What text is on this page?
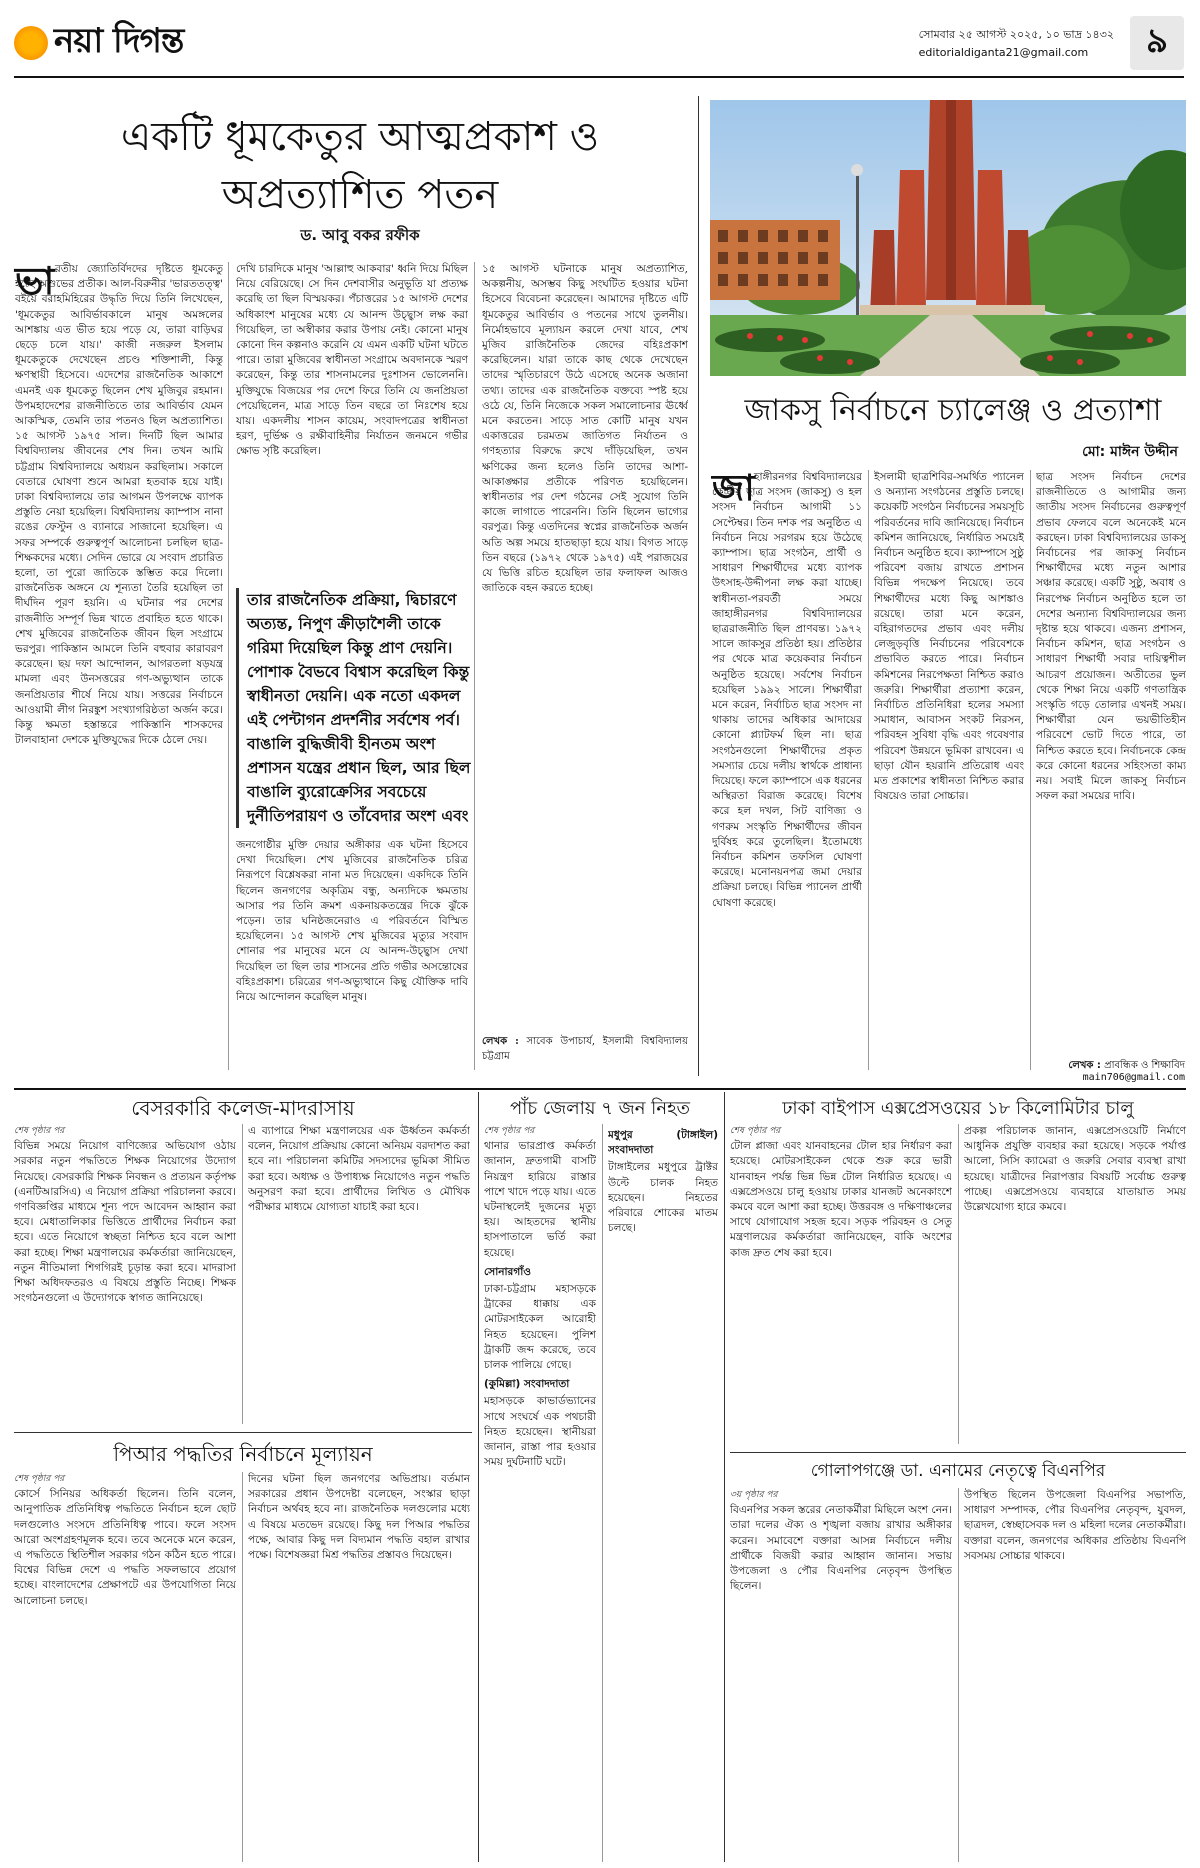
নয়া দিগন্ত	সোমবার ২৫ আগস্ট ২০২৫, ১০ ভাদ্র ১৪৩২
editorialdiganta21@gmail.com	৯
একটি ধূমকেতুর আত্মপ্রকাশ ও
অপ্রত্যাশিত পতন
ড. আবু বকর রফীক
ভা রতীয় জ্যোতির্বিদদের দৃষ্টিতে ধূমকেতু হচ্ছে অশুভের প্রতীক। আল-বিরুনীর 'ভারততত্ত্ব' বইয়ে বরাহমিহিরের উদ্ধৃতি দিয়ে তিনি লিখেছেন, 'ধূমকেতুর আবির্ভাবকালে মানুষ অমঙ্গলের আশঙ্কায় এত ভীত হয়ে পড়ে যে, তারা বাড়িঘর ছেড়ে চলে যায়।' কাজী নজরুল ইসলাম ধূমকেতুকে দেখেছেন প্রচণ্ড শক্তিশালী, কিন্তু ক্ষণস্থায়ী হিসেবে। এদেশের রাজনৈতিক আকাশে এমনই এক ধূমকেতু ছিলেন শেখ মুজিবুর রহমান। উপমহাদেশের রাজনীতিতে তার আবির্ভাব যেমন আকস্মিক, তেমনি তার পতনও ছিল অপ্রত্যাশিত। ১৫ আগস্ট ১৯৭৫ সাল। দিনটি ছিল আমার বিশ্ববিদ্যালয় জীবনের শেষ দিন। তখন আমি চট্টগ্রাম বিশ্ববিদ্যালয়ে অধ্যয়ন করছিলাম। সকালে বেতারে ঘোষণা শুনে আমরা হতবাক হয়ে যাই। ঢাকা বিশ্ববিদ্যালয়ে তার আগমন উপলক্ষে ব্যাপক প্রস্তুতি নেয়া হয়েছিল। বিশ্ববিদ্যালয় ক্যাম্পাস নানা রঙের ফেস্টুন ও ব্যানারে সাজানো হয়েছিল। এ সফর সম্পর্কে গুরুত্বপূর্ণ আলোচনা চলছিল ছাত্র-শিক্ষকদের মধ্যে। সেদিন ভোরে যে সংবাদ প্রচারিত হলো, তা পুরো জাতিকে স্তম্ভিত করে দিলো। রাজনৈতিক অঙ্গনে যে শূন্যতা তৈরি হয়েছিল তা দীর্ঘদিন পূরণ হয়নি। এ ঘটনার পর দেশের রাজনীতি সম্পূর্ণ ভিন্ন খাতে প্রবাহিত হতে থাকে। শেখ মুজিবের রাজনৈতিক জীবন ছিল সংগ্রামে ভরপুর। পাকিস্তান আমলে তিনি বহুবার কারাবরণ করেছেন। ছয় দফা আন্দোলন, আগরতলা ষড়যন্ত্র মামলা এবং উনসত্তরের গণ-অভ্যুত্থান তাকে জনপ্রিয়তার শীর্ষে নিয়ে যায়। সত্তরের নির্বাচনে আওয়ামী লীগ নিরঙ্কুশ সংখ্যাগরিষ্ঠতা অর্জন করে। কিন্তু ক্ষমতা হস্তান্তরে পাকিস্তানি শাসকদের টালবাহানা দেশকে মুক্তিযুদ্ধের দিকে ঠেলে দেয়।
দেখি চারদিকে মানুষ 'আল্লাহু আকবার' ধ্বনি দিয়ে মিছিল নিয়ে বেরিয়েছে। সে দিন দেশবাসীর অনুভূতি যা প্রত্যক্ষ করেছি তা ছিল বিস্ময়কর। পঁচাত্তরের ১৫ আগস্ট দেশের অধিকাংশ মানুষের মধ্যে যে আনন্দ উচ্ছ্বাস লক্ষ করা গিয়েছিল, তা অস্বীকার করার উপায় নেই। কোনো মানুষ কোনো দিন কল্পনাও করেনি যে এমন একটি ঘটনা ঘটতে পারে। তারা মুজিবের স্বাধীনতা সংগ্রামে অবদানকে স্মরণ করেছেন, কিন্তু তার শাসনামলের দুঃশাসন ভোলেননি। মুক্তিযুদ্ধে বিজয়ের পর দেশে ফিরে তিনি যে জনপ্রিয়তা পেয়েছিলেন, মাত্র সাড়ে তিন বছরে তা নিঃশেষ হয়ে যায়। একদলীয় শাসন কায়েম, সংবাদপত্রের স্বাধীনতা হরণ, দুর্ভিক্ষ ও রক্ষীবাহিনীর নির্যাতন জনমনে গভীর ক্ষোভ সৃষ্টি করেছিল।
তার রাজনৈতিক প্রক্রিয়া, দ্বিচারণে অত্যন্ত, নিপুণ ক্রীড়াশৈলী তাকে গরিমা দিয়েছিল কিন্তু প্রাণ দেয়নি। পোশাক বৈভবে বিশ্বাস করেছিল কিন্তু স্বাধীনতা দেয়নি। এক নতো একদল এই পেন্টাগন প্রদর্শনীর সর্বশেষ পর্ব। বাঙালি বুদ্ধিজীবী হীনতম অংশ প্রশাসন যন্ত্রের প্রধান ছিল, আর ছিল বাঙালি ব্যুরোক্রেসির সবচেয়ে দুর্নীতিপরায়ণ ও তাঁবেদার অংশ এবং
জনগোষ্ঠীর মুক্তি দেয়ার অঙ্গীকার এক ঘটনা হিসেবে দেখা দিয়েছিল। শেখ মুজিবের রাজনৈতিক চরিত্র নিরূপণে বিশ্লেষকরা নানা মত দিয়েছেন। একদিকে তিনি ছিলেন জনগণের অকৃত্রিম বন্ধু, অন্যদিকে ক্ষমতায় আসার পর তিনি ক্রমশ একনায়কতন্ত্রের দিকে ঝুঁকে পড়েন। তার ঘনিষ্ঠজনেরাও এ পরিবর্তনে বিস্মিত হয়েছিলেন। ১৫ আগস্ট শেখ মুজিবের মৃত্যুর সংবাদ শোনার পর মানুষের মনে যে আনন্দ-উচ্ছ্বাস দেখা দিয়েছিল তা ছিল তার শাসনের প্রতি গভীর অসন্তোষের বহিঃপ্রকাশ। চরিত্রের গণ-অভ্যুত্থানে কিছু যৌক্তিক দাবি নিয়ে আন্দোলন করেছিল মানুষ।
১৫ আগস্ট ঘটনাকে মানুষ অপ্রত্যাশিত, অকল্পনীয়, অসম্ভব কিছু সংঘটিত হওয়ার ঘটনা হিসেবে বিবেচনা করেছেন। আমাদের দৃষ্টিতে এটি ধূমকেতুর আবির্ভাব ও পতনের সাথে তুলনীয়। নির্মোহভাবে মূল্যায়ন করলে দেখা যাবে, শেখ মুজিব রাজিনৈতিক জেদের বহিঃপ্রকাশ করেছিলেন। যারা তাকে কাছ থেকে দেখেছেন তাদের স্মৃতিচারণে উঠে এসেছে অনেক অজানা তথ্য। তাদের এক রাজনৈতিক বক্তব্যে স্পষ্ট হয়ে ওঠে যে, তিনি নিজেকে সকল সমালোচনার ঊর্ধ্বে মনে করতেন। সাড়ে সাত কোটি মানুষ যখন একাত্তরের চরমতম জাতিগত নির্যাতন ও গণহত্যার বিরুদ্ধে রুখে দাঁড়িয়েছিল, তখন ক্ষণিকের জন্য হলেও তিনি তাদের আশা-আকাঙ্ক্ষার প্রতীকে পরিণত হয়েছিলেন। স্বাধীনতার পর দেশ গঠনের সেই সুযোগ তিনি কাজে লাগাতে পারেননি। তিনি ছিলেন ভাগ্যের বরপুত্র। কিন্তু এতদিনের স্বপ্নের রাজনৈতিক অর্জন অতি অল্প সময়ে হাতছাড়া হয়ে যায়। বিগত সাড়ে তিন বছরে (১৯৭২ থেকে ১৯৭৫) এই পরাজয়ের যে ভিত্তি রচিত হয়েছিল তার ফলাফল আজও জাতিকে বহন করতে হচ্ছে।
লেখক : সাবেক উপাচার্য, ইসলামী বিশ্ববিদ্যালয় চট্টগ্রাম
জাকসু নির্বাচনে চ্যালেঞ্জ ও প্রত্যাশা
মো: মাঈন উদ্দীন
জা হাঙ্গীরনগর বিশ্ববিদ্যালয়ের কেন্দ্রীয় ছাত্র সংসদ (জাকসু) ও হল সংসদ নির্বাচন আগামী ১১ সেপ্টেম্বর। তিন দশক পর অনুষ্ঠিত এ নির্বাচন নিয়ে সরগরম হয়ে উঠেছে ক্যাম্পাস। ছাত্র সংগঠন, প্রার্থী ও সাধারণ শিক্ষার্থীদের মধ্যে ব্যাপক উৎসাহ-উদ্দীপনা লক্ষ করা যাচ্ছে। স্বাধীনতা-পরবর্তী সময়ে জাহাঙ্গীরনগর বিশ্ববিদ্যালয়ের ছাত্ররাজনীতি ছিল প্রাণবন্ত। ১৯৭২ সালে জাকসুর প্রতিষ্ঠা হয়। প্রতিষ্ঠার পর থেকে মাত্র কয়েকবার নির্বাচন অনুষ্ঠিত হয়েছে। সর্বশেষ নির্বাচন হয়েছিল ১৯৯২ সালে। শিক্ষার্থীরা মনে করেন, নির্বাচিত ছাত্র সংসদ না থাকায় তাদের অধিকার আদায়ের কোনো প্ল্যাটফর্ম ছিল না। ছাত্র সংগঠনগুলো শিক্ষার্থীদের প্রকৃত সমস্যার চেয়ে দলীয় স্বার্থকে প্রাধান্য দিয়েছে। ফলে ক্যাম্পাসে এক ধরনের অস্থিরতা বিরাজ করেছে। বিশেষ করে হল দখল, সিট বাণিজ্য ও গণরুম সংস্কৃতি শিক্ষার্থীদের জীবন দুর্বিষহ করে তুলেছিল। ইতোমধ্যে নির্বাচন কমিশন তফসিল ঘোষণা করেছে। মনোনয়নপত্র জমা দেয়ার প্রক্রিয়া চলছে। বিভিন্ন প্যানেল প্রার্থী ঘোষণা করেছে।
ইসলামী ছাত্রশিবির-সমর্থিত প্যানেল ও অন্যান্য সংগঠনের প্রস্তুতি চলছে। কয়েকটি সংগঠন নির্বাচনের সময়সূচি পরিবর্তনের দাবি জানিয়েছে। নির্বাচন কমিশন জানিয়েছে, নির্ধারিত সময়েই নির্বাচন অনুষ্ঠিত হবে। ক্যাম্পাসে সুষ্ঠু পরিবেশ বজায় রাখতে প্রশাসন বিভিন্ন পদক্ষেপ নিয়েছে। তবে শিক্ষার্থীদের মধ্যে কিছু আশঙ্কাও রয়েছে। তারা মনে করেন, বহিরাগতদের প্রভাব এবং দলীয় লেজুড়বৃত্তি নির্বাচনের পরিবেশকে প্রভাবিত করতে পারে। নির্বাচন কমিশনের নিরপেক্ষতা নিশ্চিত করাও জরুরি। শিক্ষার্থীরা প্রত্যাশা করেন, নির্বাচিত প্রতিনিধিরা হলের সমস্যা সমাধান, আবাসন সংকট নিরসন, পরিবহন সুবিধা বৃদ্ধি এবং গবেষণার পরিবেশ উন্নয়নে ভূমিকা রাখবেন। এ ছাড়া যৌন হয়রানি প্রতিরোধ এবং মত প্রকাশের স্বাধীনতা নিশ্চিত করার বিষয়েও তারা সোচ্চার।
ছাত্র সংসদ নির্বাচন দেশের রাজনীতিতে ও আগামীর জন্য জাতীয় সংসদ নির্বাচনের গুরুত্বপূর্ণ প্রভাব ফেলবে বলে অনেকেই মনে করছেন। ঢাকা বিশ্ববিদ্যালয়ের ডাকসু নির্বাচনের পর জাকসু নির্বাচন শিক্ষার্থীদের মধ্যে নতুন আশার সঞ্চার করেছে। একটি সুষ্ঠু, অবাধ ও নিরপেক্ষ নির্বাচন অনুষ্ঠিত হলে তা দেশের অন্যান্য বিশ্ববিদ্যালয়ের জন্য দৃষ্টান্ত হয়ে থাকবে। এজন্য প্রশাসন, নির্বাচন কমিশন, ছাত্র সংগঠন ও সাধারণ শিক্ষার্থী সবার দায়িত্বশীল আচরণ প্রয়োজন। অতীতের ভুল থেকে শিক্ষা নিয়ে একটি গণতান্ত্রিক সংস্কৃতি গড়ে তোলার এখনই সময়। শিক্ষার্থীরা যেন ভয়ভীতিহীন পরিবেশে ভোট দিতে পারে, তা নিশ্চিত করতে হবে। নির্বাচনকে কেন্দ্র করে কোনো ধরনের সহিংসতা কাম্য নয়। সবাই মিলে জাকসু নির্বাচন সফল করা সময়ের দাবি।
লেখক : প্রাবন্ধিক ও শিক্ষাবিদ
main706@gmail.com
বেসরকারি কলেজ-মাদরাসায়
শেষ পৃষ্ঠার পর
বিভিন্ন সময়ে নিয়োগ বাণিজ্যের অভিযোগ ওঠায় সরকার নতুন পদ্ধতিতে শিক্ষক নিয়োগের উদ্যোগ নিয়েছে। বেসরকারি শিক্ষক নিবন্ধন ও প্রত্যয়ন কর্তৃপক্ষ (এনটিআরসিএ) এ নিয়োগ প্রক্রিয়া পরিচালনা করবে। গণবিজ্ঞপ্তির মাধ্যমে শূন্য পদে আবেদন আহ্বান করা হবে। মেধাতালিকার ভিত্তিতে প্রার্থীদের নির্বাচন করা হবে। এতে নিয়োগে স্বচ্ছতা নিশ্চিত হবে বলে আশা করা হচ্ছে। শিক্ষা মন্ত্রণালয়ের কর্মকর্তারা জানিয়েছেন, নতুন নীতিমালা শিগগিরই চূড়ান্ত করা হবে। মাদরাসা শিক্ষা অধিদফতরও এ বিষয়ে প্রস্তুতি নিচ্ছে। শিক্ষক সংগঠনগুলো এ উদ্যোগকে স্বাগত জানিয়েছে।
এ ব্যাপারে শিক্ষা মন্ত্রণালয়ের এক ঊর্ধ্বতন কর্মকর্তা বলেন, নিয়োগ প্রক্রিয়ায় কোনো অনিয়ম বরদাশত করা হবে না। পরিচালনা কমিটির সদস্যদের ভূমিকা সীমিত করা হবে। অধ্যক্ষ ও উপাধ্যক্ষ নিয়োগেও নতুন পদ্ধতি অনুসরণ করা হবে। প্রার্থীদের লিখিত ও মৌখিক পরীক্ষার মাধ্যমে যোগ্যতা যাচাই করা হবে।
পিআর পদ্ধতির নির্বাচনে মূল্যায়ন
শেষ পৃষ্ঠার পর
কোর্সে সিনিয়র অধিকর্তা ছিলেন। তিনি বলেন, আনুপাতিক প্রতিনিধিত্ব পদ্ধতিতে নির্বাচন হলে ছোট দলগুলোও সংসদে প্রতিনিধিত্ব পাবে। ফলে সংসদ আরো অংশগ্রহণমূলক হবে। তবে অনেকে মনে করেন, এ পদ্ধতিতে স্থিতিশীল সরকার গঠন কঠিন হতে পারে। বিশ্বের বিভিন্ন দেশে এ পদ্ধতি সফলভাবে প্রয়োগ হচ্ছে। বাংলাদেশের প্রেক্ষাপটে এর উপযোগিতা নিয়ে আলোচনা চলছে।
দিনের ঘটনা ছিল জনগণের অভিপ্রায়। বর্তমান সরকারের প্রধান উপদেষ্টা বলেছেন, সংস্কার ছাড়া নির্বাচন অর্থবহ হবে না। রাজনৈতিক দলগুলোর মধ্যে এ বিষয়ে মতভেদ রয়েছে। কিছু দল পিআর পদ্ধতির পক্ষে, আবার কিছু দল বিদ্যমান পদ্ধতি বহাল রাখার পক্ষে। বিশেষজ্ঞরা মিশ্র পদ্ধতির প্রস্তাবও দিয়েছেন।
পাঁচ জেলায় ৭ জন নিহত
শেষ পৃষ্ঠার পর
থানার ভারপ্রাপ্ত কর্মকর্তা জানান, দ্রুতগামী বাসটি নিয়ন্ত্রণ হারিয়ে রাস্তার পাশে খাদে পড়ে যায়। এতে ঘটনাস্থলেই দুজনের মৃত্যু হয়। আহতদের স্থানীয় হাসপাতালে ভর্তি করা হয়েছে।
সোনারগাঁও
ঢাকা-চট্টগ্রাম মহাসড়কে ট্রাকের ধাক্কায় এক মোটরসাইকেল আরোহী নিহত হয়েছেন। পুলিশ ট্রাকটি জব্দ করেছে, তবে চালক পালিয়ে গেছে।
(কুমিল্লা) সংবাদদাতা
মহাসড়কে কাভার্ডভ্যানের সাথে সংঘর্ষে এক পথচারী নিহত হয়েছেন। স্থানীয়রা জানান, রাস্তা পার হওয়ার সময় দুর্ঘটনাটি ঘটে।
মধুপুর (টাঙ্গাইল) সংবাদদাতা
টাঙ্গাইলের মধুপুরে ট্রাক্টর উল্টে চালক নিহত হয়েছেন। নিহতের পরিবারে শোকের মাতম চলছে।
ঢাকা বাইপাস এক্সপ্রেসওয়ের ১৮ কিলোমিটার চালু
শেষ পৃষ্ঠার পর
টোল প্লাজা এবং যানবাহনের টোল হার নির্ধারণ করা হয়েছে। মোটরসাইকেল থেকে শুরু করে ভারী যানবাহন পর্যন্ত ভিন্ন ভিন্ন টোল নির্ধারিত হয়েছে। এ এক্সপ্রেসওয়ে চালু হওয়ায় ঢাকার যানজট অনেকাংশে কমবে বলে আশা করা হচ্ছে। উত্তরবঙ্গ ও দক্ষিণাঞ্চলের সাথে যোগাযোগ সহজ হবে। সড়ক পরিবহন ও সেতু মন্ত্রণালয়ের কর্মকর্তারা জানিয়েছেন, বাকি অংশের কাজ দ্রুত শেষ করা হবে।
প্রকল্প পরিচালক জানান, এক্সপ্রেসওয়েটি নির্মাণে আধুনিক প্রযুক্তি ব্যবহার করা হয়েছে। সড়কে পর্যাপ্ত আলো, সিসি ক্যামেরা ও জরুরি সেবার ব্যবস্থা রাখা হয়েছে। যাত্রীদের নিরাপত্তার বিষয়টি সর্বোচ্চ গুরুত্ব পাচ্ছে। এক্সপ্রেসওয়ে ব্যবহারে যাতায়াত সময় উল্লেখযোগ্য হারে কমবে।
গোলাপগঞ্জে ডা. এনামের নেতৃত্বে বিএনপির
৩য় পৃষ্ঠার পর
বিএনপির সকল স্তরের নেতাকর্মীরা মিছিলে অংশ নেন। তারা দলের ঐক্য ও শৃঙ্খলা বজায় রাখার অঙ্গীকার করেন। সমাবেশে বক্তারা আসন্ন নির্বাচনে দলীয় প্রার্থীকে বিজয়ী করার আহ্বান জানান। সভায় উপজেলা ও পৌর বিএনপির নেতৃবৃন্দ উপস্থিত ছিলেন।
উপস্থিত ছিলেন উপজেলা বিএনপির সভাপতি, সাধারণ সম্পাদক, পৌর বিএনপির নেতৃবৃন্দ, যুবদল, ছাত্রদল, স্বেচ্ছাসেবক দল ও মহিলা দলের নেতাকর্মীরা। বক্তারা বলেন, জনগণের অধিকার প্রতিষ্ঠায় বিএনপি সবসময় সোচ্চার থাকবে।
